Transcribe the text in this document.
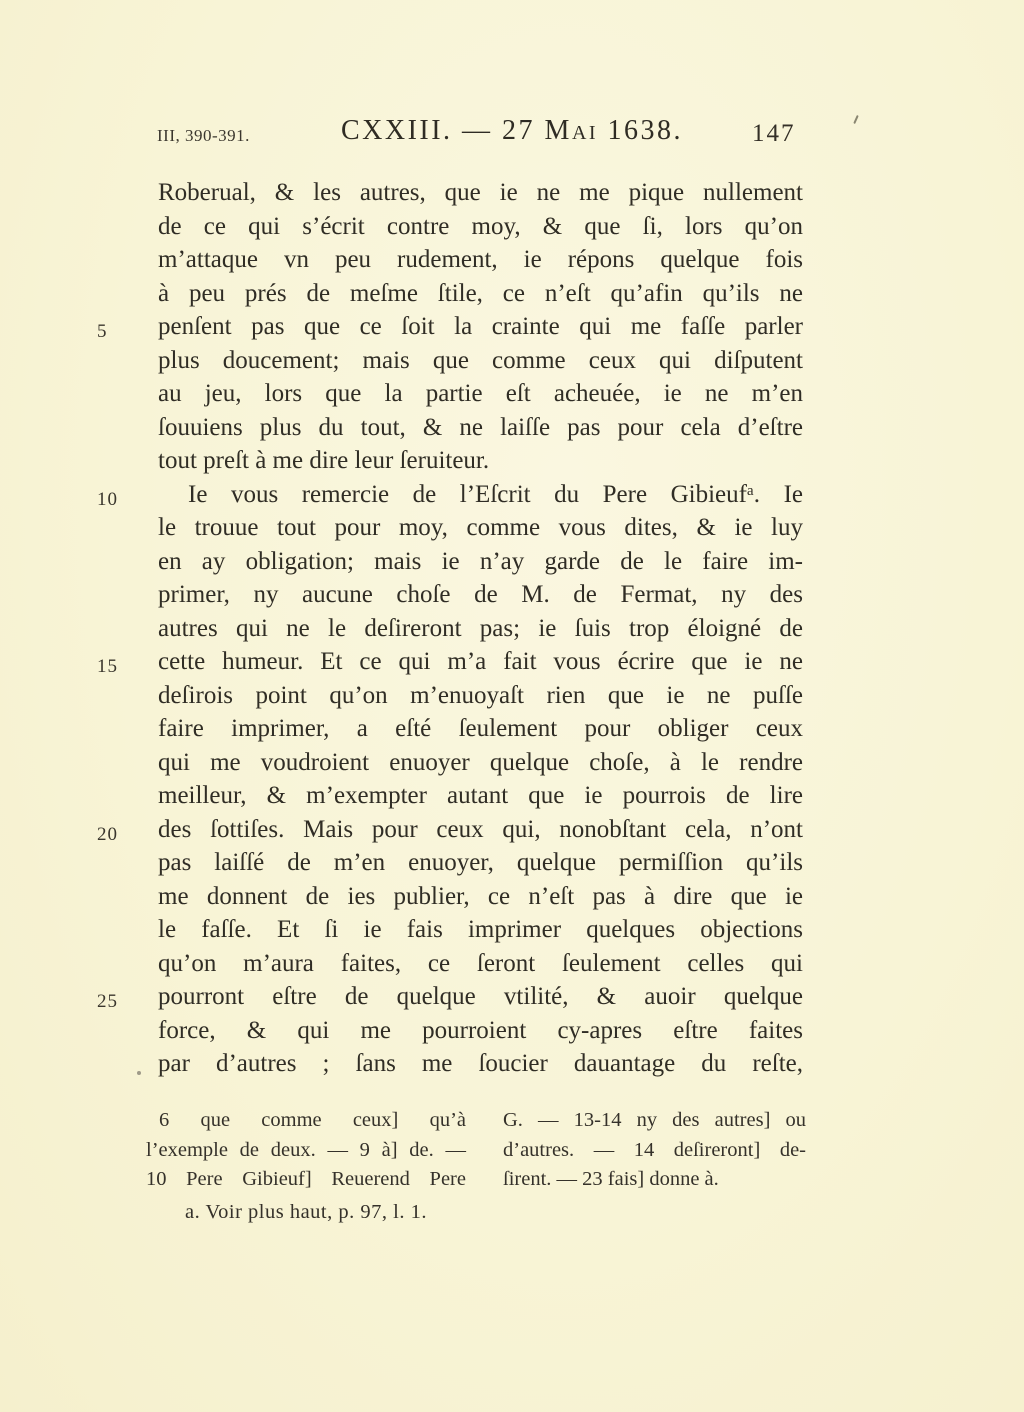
III, 390-391.	CXXIII. — 27 Mai 1638.	147
Roberual, & les autres, que ie ne me pique nullement
de ce qui s’écrit contre moy, & que ſi, lors qu’on
m’attaque vn peu rudement, ie répons quelque fois
à peu prés de meſme ſtile, ce n’eſt qu’afin qu’ils ne
5	penſent pas que ce ſoit la crainte qui me faſſe parler
plus doucement; mais que comme ceux qui diſputent
au jeu, lors que la partie eſt acheuée, ie ne m’en
ſouuiens plus du tout, & ne laiſſe pas pour cela d’eſtre
tout preſt à me dire leur ſeruiteur.
10	Ie vous remercie de l’Eſcrit du Pere Gibieufᵃ. Ie
le trouue tout pour moy, comme vous dites, & ie luy
en ay obligation; mais ie n’ay garde de le faire im-
primer, ny aucune choſe de M. de Fermat, ny des
autres qui ne le deſireront pas; ie ſuis trop éloigné de
15	cette humeur. Et ce qui m’a fait vous écrire que ie ne
deſirois point qu’on m’enuoyaſt rien que ie ne puſſe
faire imprimer, a eſté ſeulement pour obliger ceux
qui me voudroient enuoyer quelque choſe, à le rendre
meilleur, & m’exempter autant que ie pourrois de lire
20	des ſottiſes. Mais pour ceux qui, nonobſtant cela, n’ont
pas laiſſé de m’en enuoyer, quelque permiſſion qu’ils
me donnent de ies publier, ce n’eſt pas à dire que ie
le faſſe. Et ſi ie fais imprimer quelques objections
qu’on m’aura faites, ce ſeront ſeulement celles qui
25	pourront eſtre de quelque vtilité, & auoir quelque
force, & qui me pourroient cy-apres eſtre faites
par d’autres ; ſans me ſoucier dauantage du reſte,
6 que comme ceux] qu’à
l’exemple de deux. — 9 à] de. —
10 Pere Gibieuf] Reuerend Pere
G. — 13-14 ny des autres] ou
d’autres. — 14 deſireront] de-
ſirent. — 23 fais] donne à.
a. Voir plus haut, p. 97, l. 1.
